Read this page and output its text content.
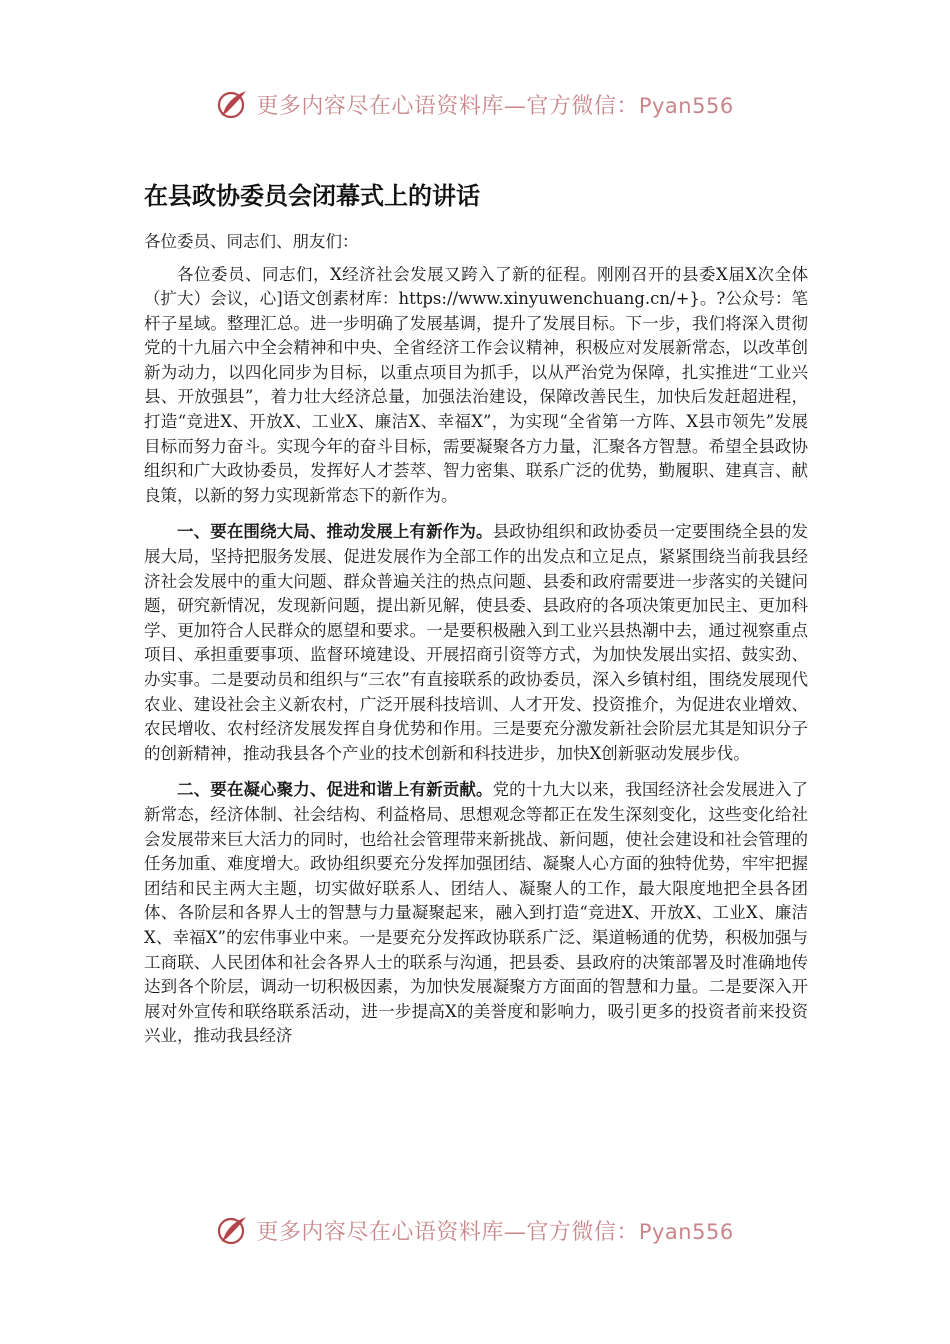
更多内容尽在心语资料库—官方微信：Pyan556
在县政协委员会闭幕式上的讲话
各位委员、同志们、朋友们：

各位委员、同志们，X经济社会发展又跨入了新的征程。刚刚召开的县委X届X次全体（扩大）会议，心]语文创素材库：https://www.xinyuwenchuang.cn/+}。?公众号：笔杆子星域。整理汇总。进一步明确了发展基调，提升了发展目标。下一步，我们将深入贯彻党的十九届六中全会精神和中央、全省经济工作会议精神，积极应对发展新常态，以改革创新为动力，以四化同步为目标，以重点项目为抓手，以从严治党为保障，扎实推进“工业兴县、开放强县”，着力壮大经济总量，加强法治建设，保障改善民生，加快后发赶超进程，打造“竞进X、开放X、工业X、廉洁X、幸福X”，为实现“全省第一方阵、X县市领先”发展目标而努力奋斗。实现今年的奋斗目标，需要凝聚各方力量，汇聚各方智慧。希望全县政协组织和广大政协委员，发挥好人才荟萃、智力密集、联系广泛的优势，勤履职、建真言、献良策，以新的努力实现新常态下的新作为。

一、要在围绕大局、推动发展上有新作为。县政协组织和政协委员一定要围绕全县的发展大局，坚持把服务发展、促进发展作为全部工作的出发点和立足点，紧紧围绕当前我县经济社会发展中的重大问题、群众普遍关注的热点问题、县委和政府需要进一步落实的关键问题，研究新情况，发现新问题，提出新见解，使县委、县政府的各项决策更加民主、更加科学、更加符合人民群众的愿望和要求。一是要积极融入到工业兴县热潮中去，通过视察重点项目、承担重要事项、监督环境建设、开展招商引资等方式，为加快发展出实招、鼓实劲、办实事。二是要动员和组织与“三农”有直接联系的政协委员，深入乡镇村组，围绕发展现代农业、建设社会主义新农村，广泛开展科技培训、人才开发、投资推介，为促进农业增效、农民增收、农村经济发展发挥自身优势和作用。三是要充分激发新社会阶层尤其是知识分子的创新精神，推动我县各个产业的技术创新和科技进步，加快X创新驱动发展步伐。

二、要在凝心聚力、促进和谐上有新贡献。党的十九大以来，我国经济社会发展进入了新常态，经济体制、社会结构、利益格局、思想观念等都正在发生深刻变化，这些变化给社会发展带来巨大活力的同时，也给社会管理带来新挑战、新问题，使社会建设和社会管理的任务加重、难度增大。政协组织要充分发挥加强团结、凝聚人心方面的独特优势，牢牢把握团结和民主两大主题，切实做好联系人、团结人、凝聚人的工作，最大限度地把全县各团体、各阶层和各界人士的智慧与力量凝聚起来，融入到打造“竞进X、开放X、工业X、廉洁X、幸福X”的宏伟事业中来。一是要充分发挥政协联系广泛、渠道畅通的优势，积极加强与工商联、人民团体和社会各界人士的联系与沟通，把县委、县政府的决策部署及时准确地传达到各个阶层，调动一切积极因素，为加快发展凝聚方方面面的智慧和力量。二是要深入开展对外宣传和联络联系活动，进一步提高X的美誉度和影响力，吸引更多的投资者前来投资兴业，推动我县经济

更多内容尽在心语资料库—官方微信：Pyan556
